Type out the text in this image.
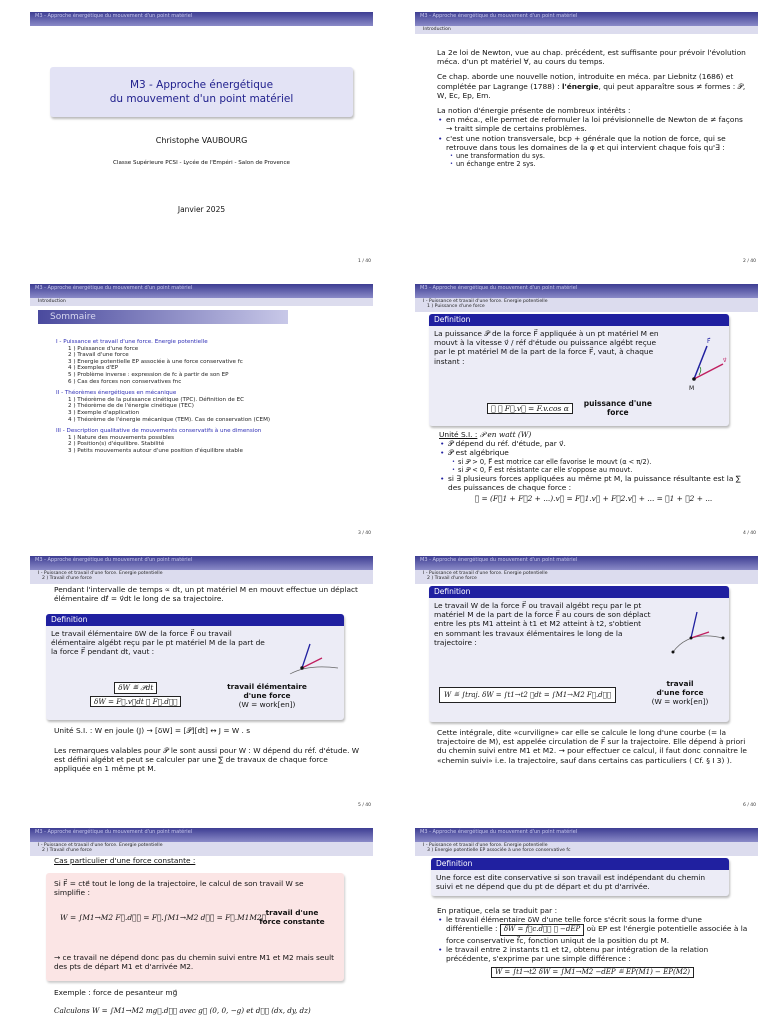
M3 - Approche énergétique du mouvement d'un point matériel
M3 - Approche énergétique
du mouvement d'un point matériel
Christophe VAUBOURG
Classe Supérieure PCSI - Lycée de l'Empéri - Salon de Provence
Janvier 2025
1 / 40
M3 - Approche énergétique du mouvement d'un point matériel
Introduction

La 2e loi de Newton, vue au chap. précédent, est suffisante pour prévoir l'évolution méca. d'un pt matériel ∀, au cours du temps.

Ce chap. aborde une nouvelle notion, introduite en méca. par Liebnitz (1686) et complétée par Lagrange (1788) : l'énergie, qui peut apparaître sous ≠ formes : 𝒫, W, Ec, Ep, Em.

La notion d'énergie présente de nombreux intérêts :

• en méca., elle permet de reformuler la loi prévisionnelle de Newton de ≠ façons → traitt simple de certains problèmes.
• c'est une notion transversale, bcp + générale que la notion de force, qui se retrouve dans tous les domaines de la φ et qui intervient chaque fois qu'∃ :
• une transformation du sys.
• un échange entre 2 sys.
2 / 40
M3 - Approche énergétique du mouvement d'un point matériel
Introduction
Sommaire
I - Puissance et travail d'une force. Energie potentielle
1 ) Puissance d'une force
2 ) Travail d'une force
3 ) Energie potentielle EP associée à une force conservative fc
4 ) Exemples d'EP
5 ) Problème inverse : expression de fc à partir de son EP
6 ) Cas des forces non conservatives fnc
II - Théorèmes énergétiques en mécanique
1 ) Théorème de la puissance cinétique (TPC). Définition de EC
2 ) Théorème de de l'énergie cinétique (TEC)
3 ) Exemple d'application
4 ) Théorème de l'énergie mécanique (TEM). Cas de conservation (CEM)
III - Description qualitative de mouvements conservatifs à une dimension
1 ) Nature des mouvements possibles
2 ) Position(s) d'équilibre. Stabilité
3 ) Petits mouvements autour d'une position d'équilibre stable
3 / 40
M3 - Approche énergétique du mouvement d'un point matériel
I - Puissance et travail d'une force. Energie potentielle
1 ) Puissance d'une force
Definition
La puissance 𝒫 de la force F⃗ appliquée à un pt matériel M en mouvt à la vitesse v⃗ / réf d'étude ou puissance algébt reçue par le pt matériel M de la part de la force F⃗, vaut, à chaque instant :
𝒫 ≝ F⃗.v⃗ = F.v.cos α	puissance d'une force
F⃗
v⃗
M
Unité S.I. : 𝒫 en watt (W)
• 𝒫 dépend du réf. d'étude, par v⃗.
• 𝒫 est algébrique
• si 𝒫 > 0, F⃗ est motrice car elle favorise le mouvt (α < π/2).
• si 𝒫 < 0, F⃗ est résistante car elle s'oppose au mouvt.
• si ∃ plusieurs forces appliquées au même pt M, la puissance résultante est la ∑ des puissances de chaque force :
𝒫 = (F⃗1 + F⃗2 + ...).v⃗ = F⃗1.v⃗ + F⃗2.v⃗ + ... = 𝒫1 + 𝒫2 + ...
4 / 40
M3 - Approche énergétique du mouvement d'un point matériel
I - Puissance et travail d'une force. Energie potentielle
2 ) Travail d'une force
Pendant l'intervalle de temps ∝ dt, un pt matériel M en mouvt effectue un déplact élémentaire dℓ⃗ = v⃗dt le long de sa trajectoire.
Definition
Le travail élémentaire δW de la force F⃗ ou travail élémentaire algébt reçu par le pt matériel M de la part de la force F⃗ pendant dt, vaut :
δW ≝ 𝒫dt
δW = F⃗.v⃗dt ≝ F⃗.dℓ⃗
travail élémentaire
d'une force
(W = work[en])
Unité S.I. : W en joule (J) → [δW] = [𝒫][dt] ↔ J = W . s
Les remarques valables pour 𝒫 le sont aussi pour W : W dépend du réf. d'étude. W est défini algébt et peut se calculer par une ∑ de travaux de chaque force appliquée en 1 même pt M.
5 / 40
M3 - Approche énergétique du mouvement d'un point matériel
I - Puissance et travail d'une force. Energie potentielle
2 ) Travail d'une force
Definition
Le travail W de la force F⃗ ou travail algébt reçu par le pt matériel M de la part de la force F⃗ au cours de son déplact entre les pts M1 atteint à t1 et M2 atteint à t2, s'obtient en sommant les travaux élémentaires le long de la trajectoire :
W ≝ ∫traj. δW = ∫t1→t2 𝒫dt = ∫M1→M2 F⃗.dℓ⃗
travail
d'une force
(W = work[en])
Cette intégrale, dite «curviligne» car elle se calcule le long d'une courbe (= la trajectoire de M), est appelée circulation de F⃗ sur la trajectoire. Elle dépend à priori du chemin suivi entre M1 et M2. → pour effectuer ce calcul, il faut donc connaitre le «chemin suivi» i.e. la trajectoire, sauf dans certains cas particuliers ( Cf. § I 3) ).
6 / 40
M3 - Approche énergétique du mouvement d'un point matériel
I - Puissance et travail d'une force. Energie potentielle
2 ) Travail d'une force
Cas particulier d'une force constante :
Si F⃗ = cte⃗ tout le long de la trajectoire, le calcul de son travail W se simplifie :
W = ∫M1→M2 F⃗.dℓ⃗ = F⃗.∫M1→M2 dℓ⃗ = F⃗.M1M2⃗
travail d'une
force constante
→ ce travail ne dépend donc pas du chemin suivi entre M1 et M2 mais seult des pts de départ M1 et d'arrivée M2.
Exemple : force de pesanteur mg⃗
Calculons W = ∫M1→M2 mg⃗.dℓ⃗ avec g⃗ (0, 0, −g) et dℓ⃗ (dx, dy, dz)
M3 - Approche énergétique du mouvement d'un point matériel
I - Puissance et travail d'une force. Energie potentielle
3 ) Energie potentielle EP associée à une force conservative fc
Definition
Une force est dite conservative si son travail est indépendant du chemin suivi et ne dépend que du pt de départ et du pt d'arrivée.

En pratique, cela se traduit par :

• le travail élémentaire δW d'une telle force s'écrit sous la forme d'une différentielle : δW = f⃗c.dℓ⃗ ≝ −dEP où EP est l'énergie potentielle associée à la force conservative f⃗c, fonction uniqut de la position du pt M.
• le travail entre 2 instants t1 et t2, obtenu par intégration de la relation précédente, s'exprime par une simple différence :
W = ∫t1→t2 δW = ∫M1→M2 −dEP ≝ EP(M1) − EP(M2)
